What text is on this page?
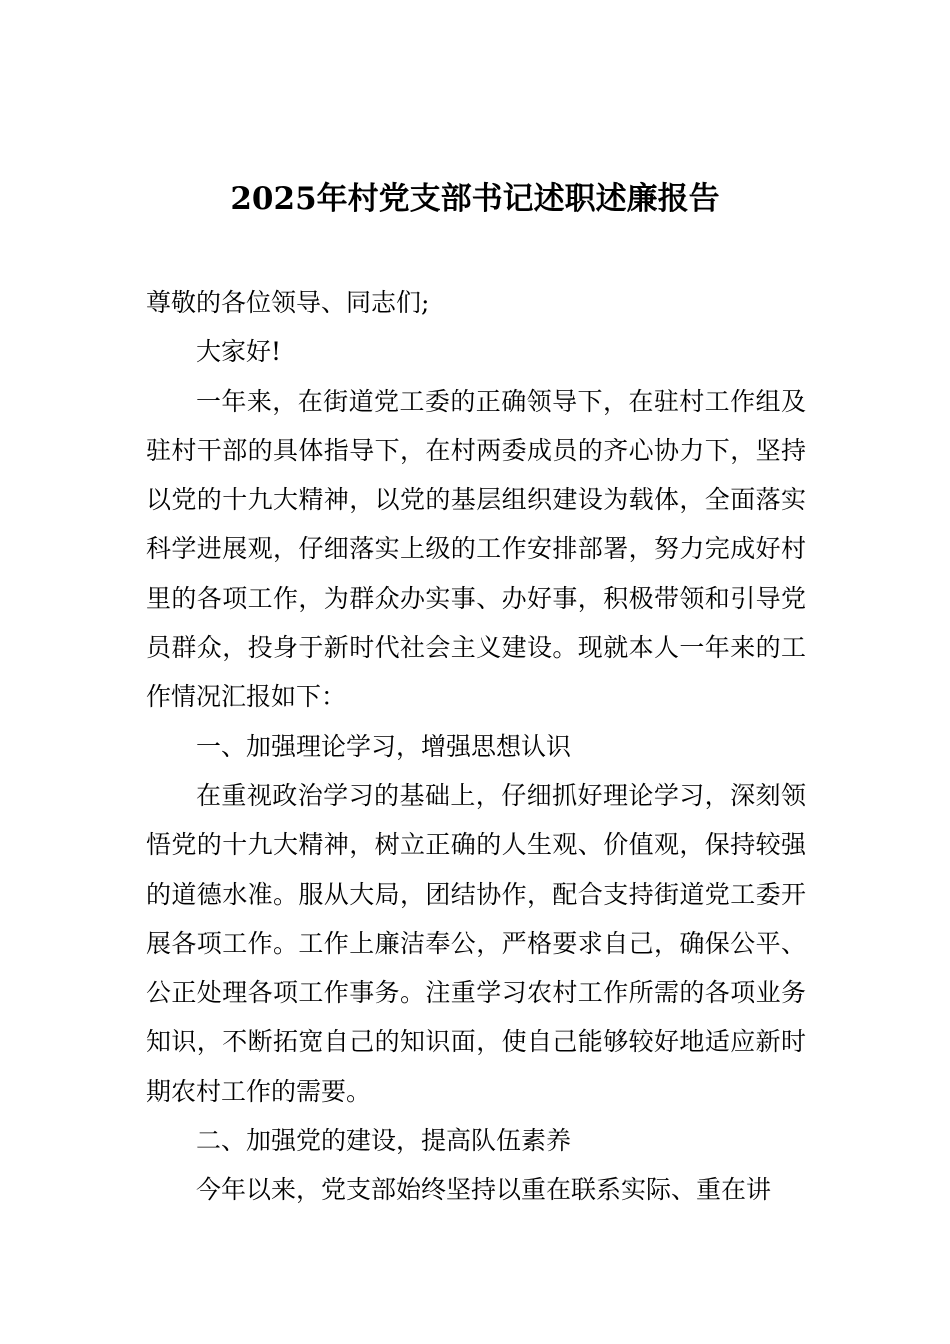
2025年村党支部书记述职述廉报告

尊敬的各位领导、同志们;

大家好!

一年来，在街道党工委的正确领导下，在驻村工作组及驻村干部的具体指导下，在村两委成员的齐心协力下，坚持以党的十九大精神，以党的基层组织建设为载体，全面落实科学进展观，仔细落实上级的工作安排部署，努力完成好村里的各项工作，为群众办实事、办好事，积极带领和引导党员群众，投身于新时代社会主义建设。现就本人一年来的工作情况汇报如下：

一、加强理论学习，增强思想认识

在重视政治学习的基础上，仔细抓好理论学习，深刻领悟党的十九大精神，树立正确的人生观、价值观，保持较强的道德水准。服从大局，团结协作，配合支持街道党工委开展各项工作。工作上廉洁奉公，严格要求自己，确保公平、公正处理各项工作事务。注重学习农村工作所需的各项业务知识，不断拓宽自己的知识面，使自己能够较好地适应新时期农村工作的需要。

二、加强党的建设，提高队伍素养

今年以来，党支部始终坚持以重在联系实际、重在讲
